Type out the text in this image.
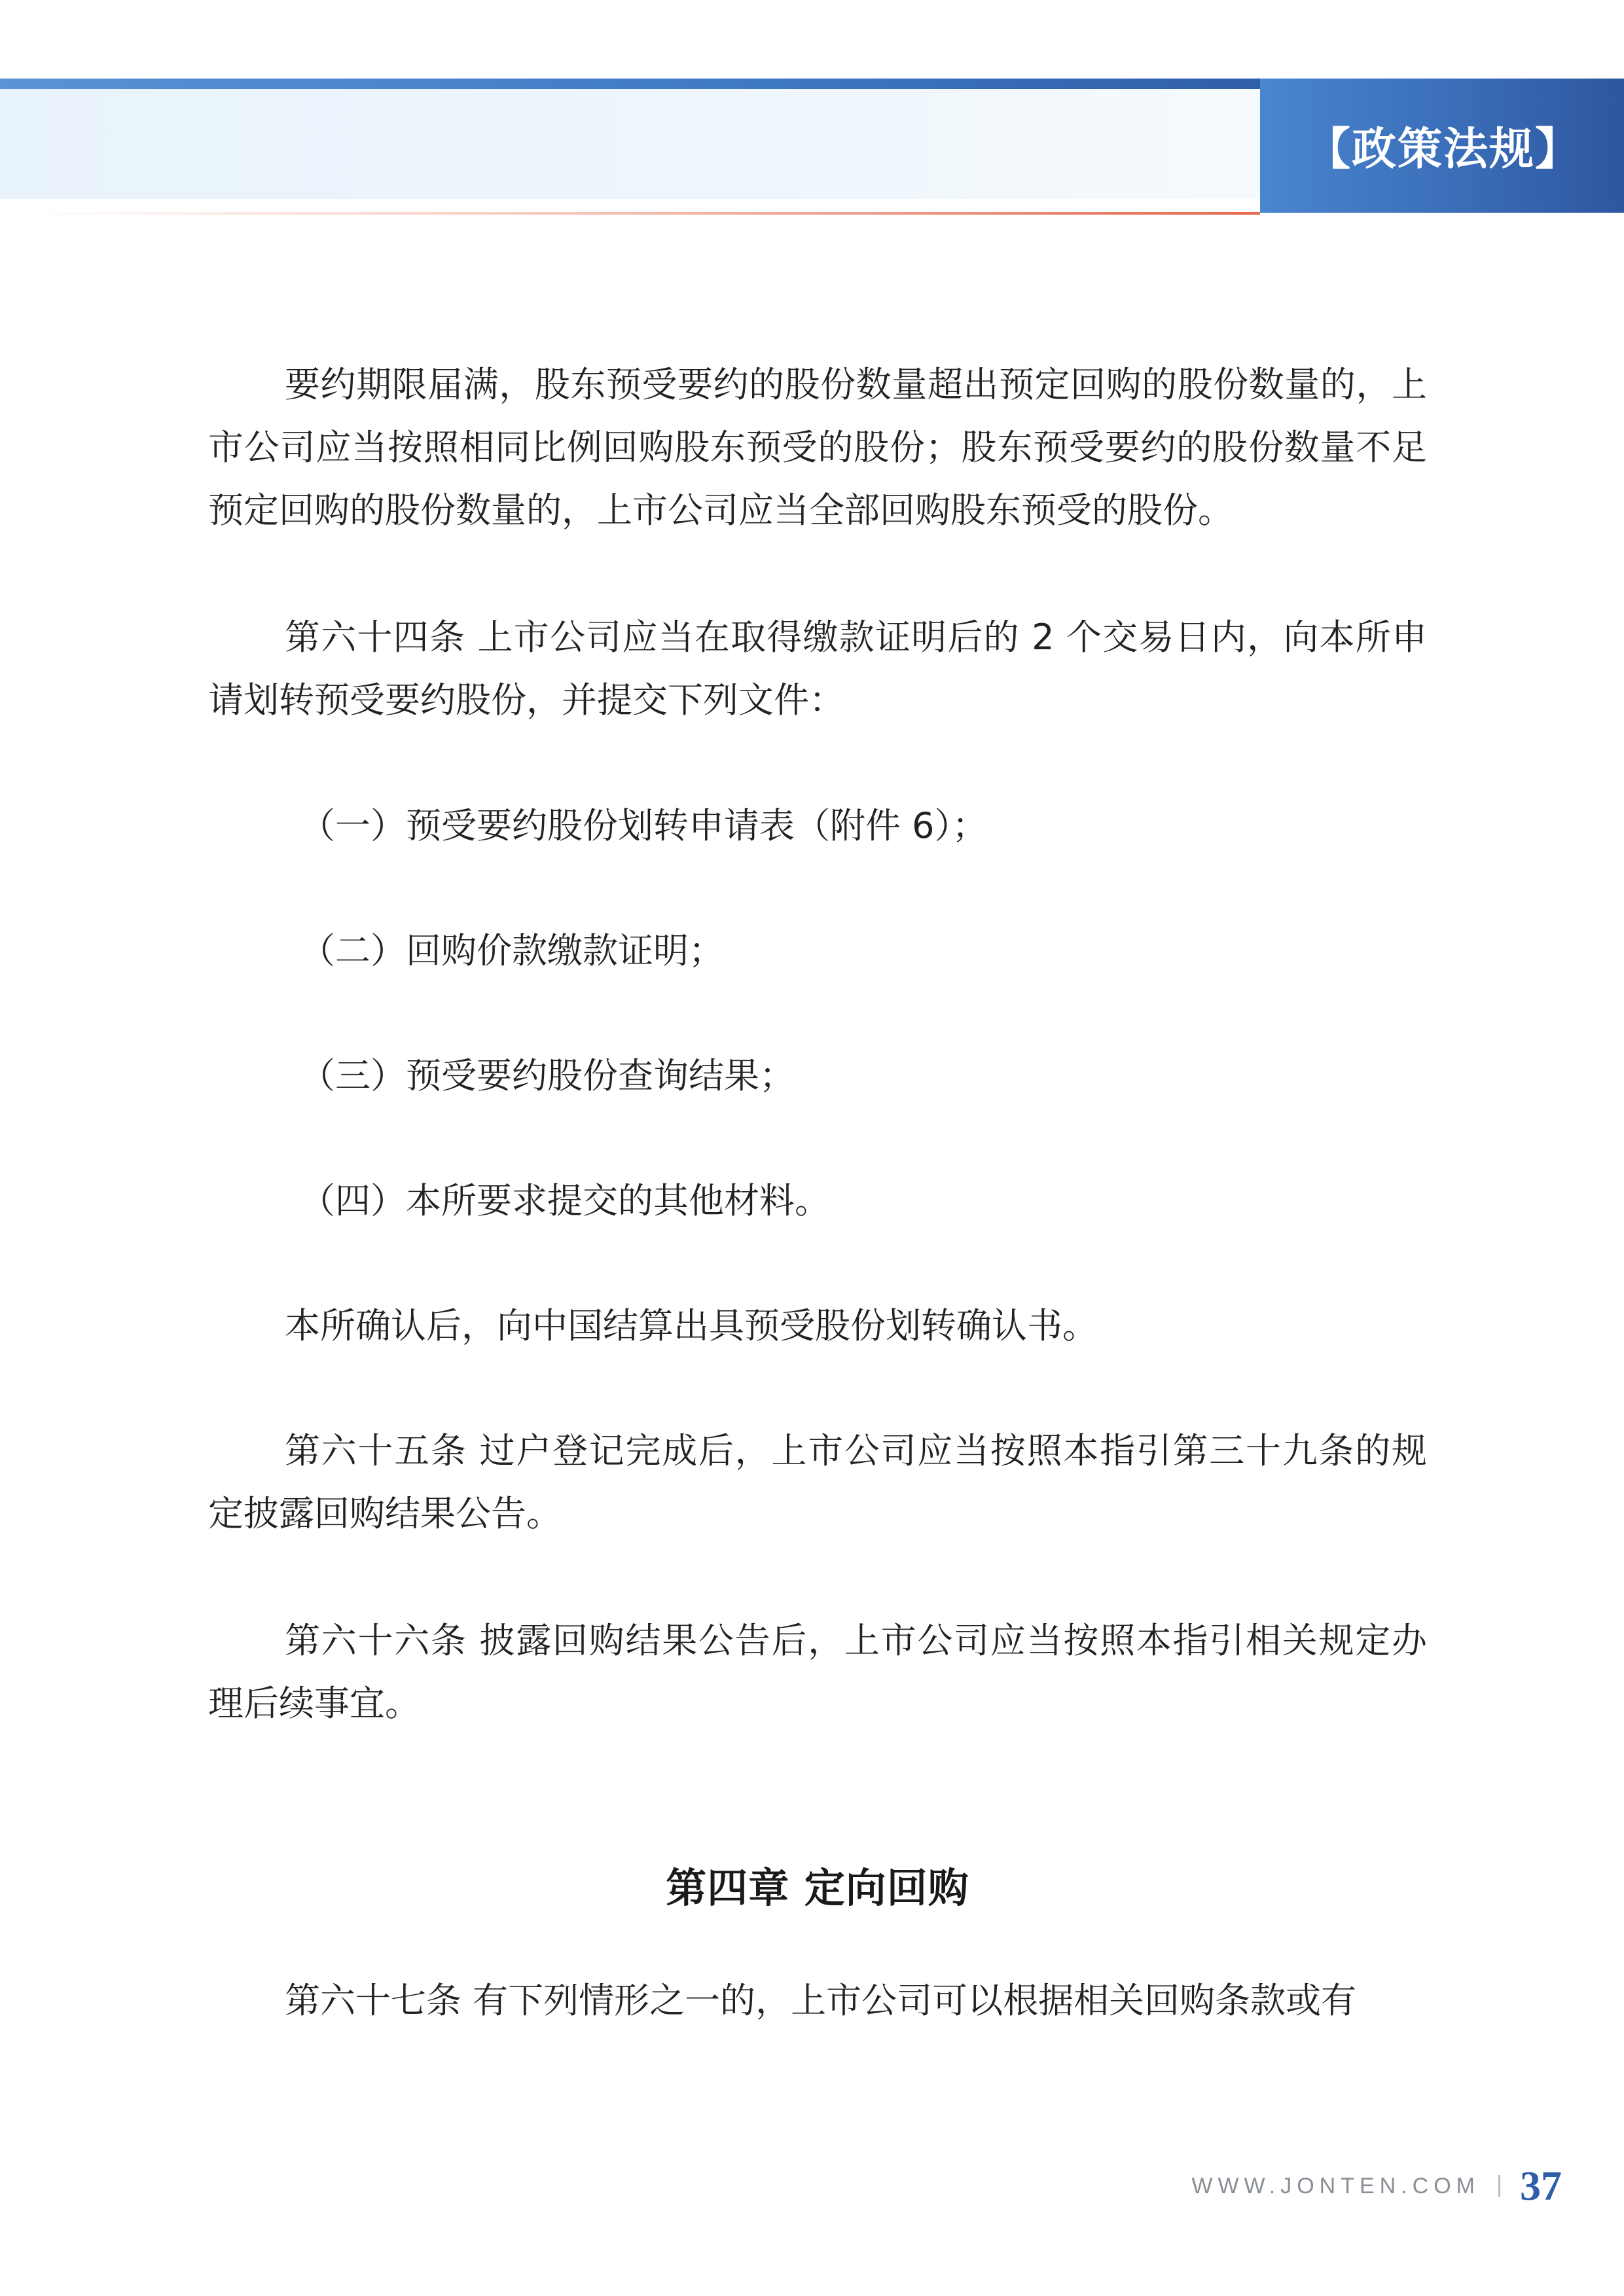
【政策法规】

要约期限届满，股东预受要约的股份数量超出预定回购的股份数量的，上市公司应当按照相同比例回购股东预受的股份；股东预受要约的股份数量不足预定回购的股份数量的，上市公司应当全部回购股东预受的股份。

第六十四条 上市公司应当在取得缴款证明后的 2 个交易日内，向本所申请划转预受要约股份，并提交下列文件：

（一）预受要约股份划转申请表（附件 6）；

（二）回购价款缴款证明；

（三）预受要约股份查询结果；

（四）本所要求提交的其他材料。

本所确认后，向中国结算出具预受股份划转确认书。

第六十五条 过户登记完成后，上市公司应当按照本指引第三十九条的规定披露回购结果公告。

第六十六条 披露回购结果公告后，上市公司应当按照本指引相关规定办理后续事宜。

第四章 定向回购

第六十七条 有下列情形之一的，上市公司可以根据相关回购条款或有

WWW.JONTEN.COM 37
